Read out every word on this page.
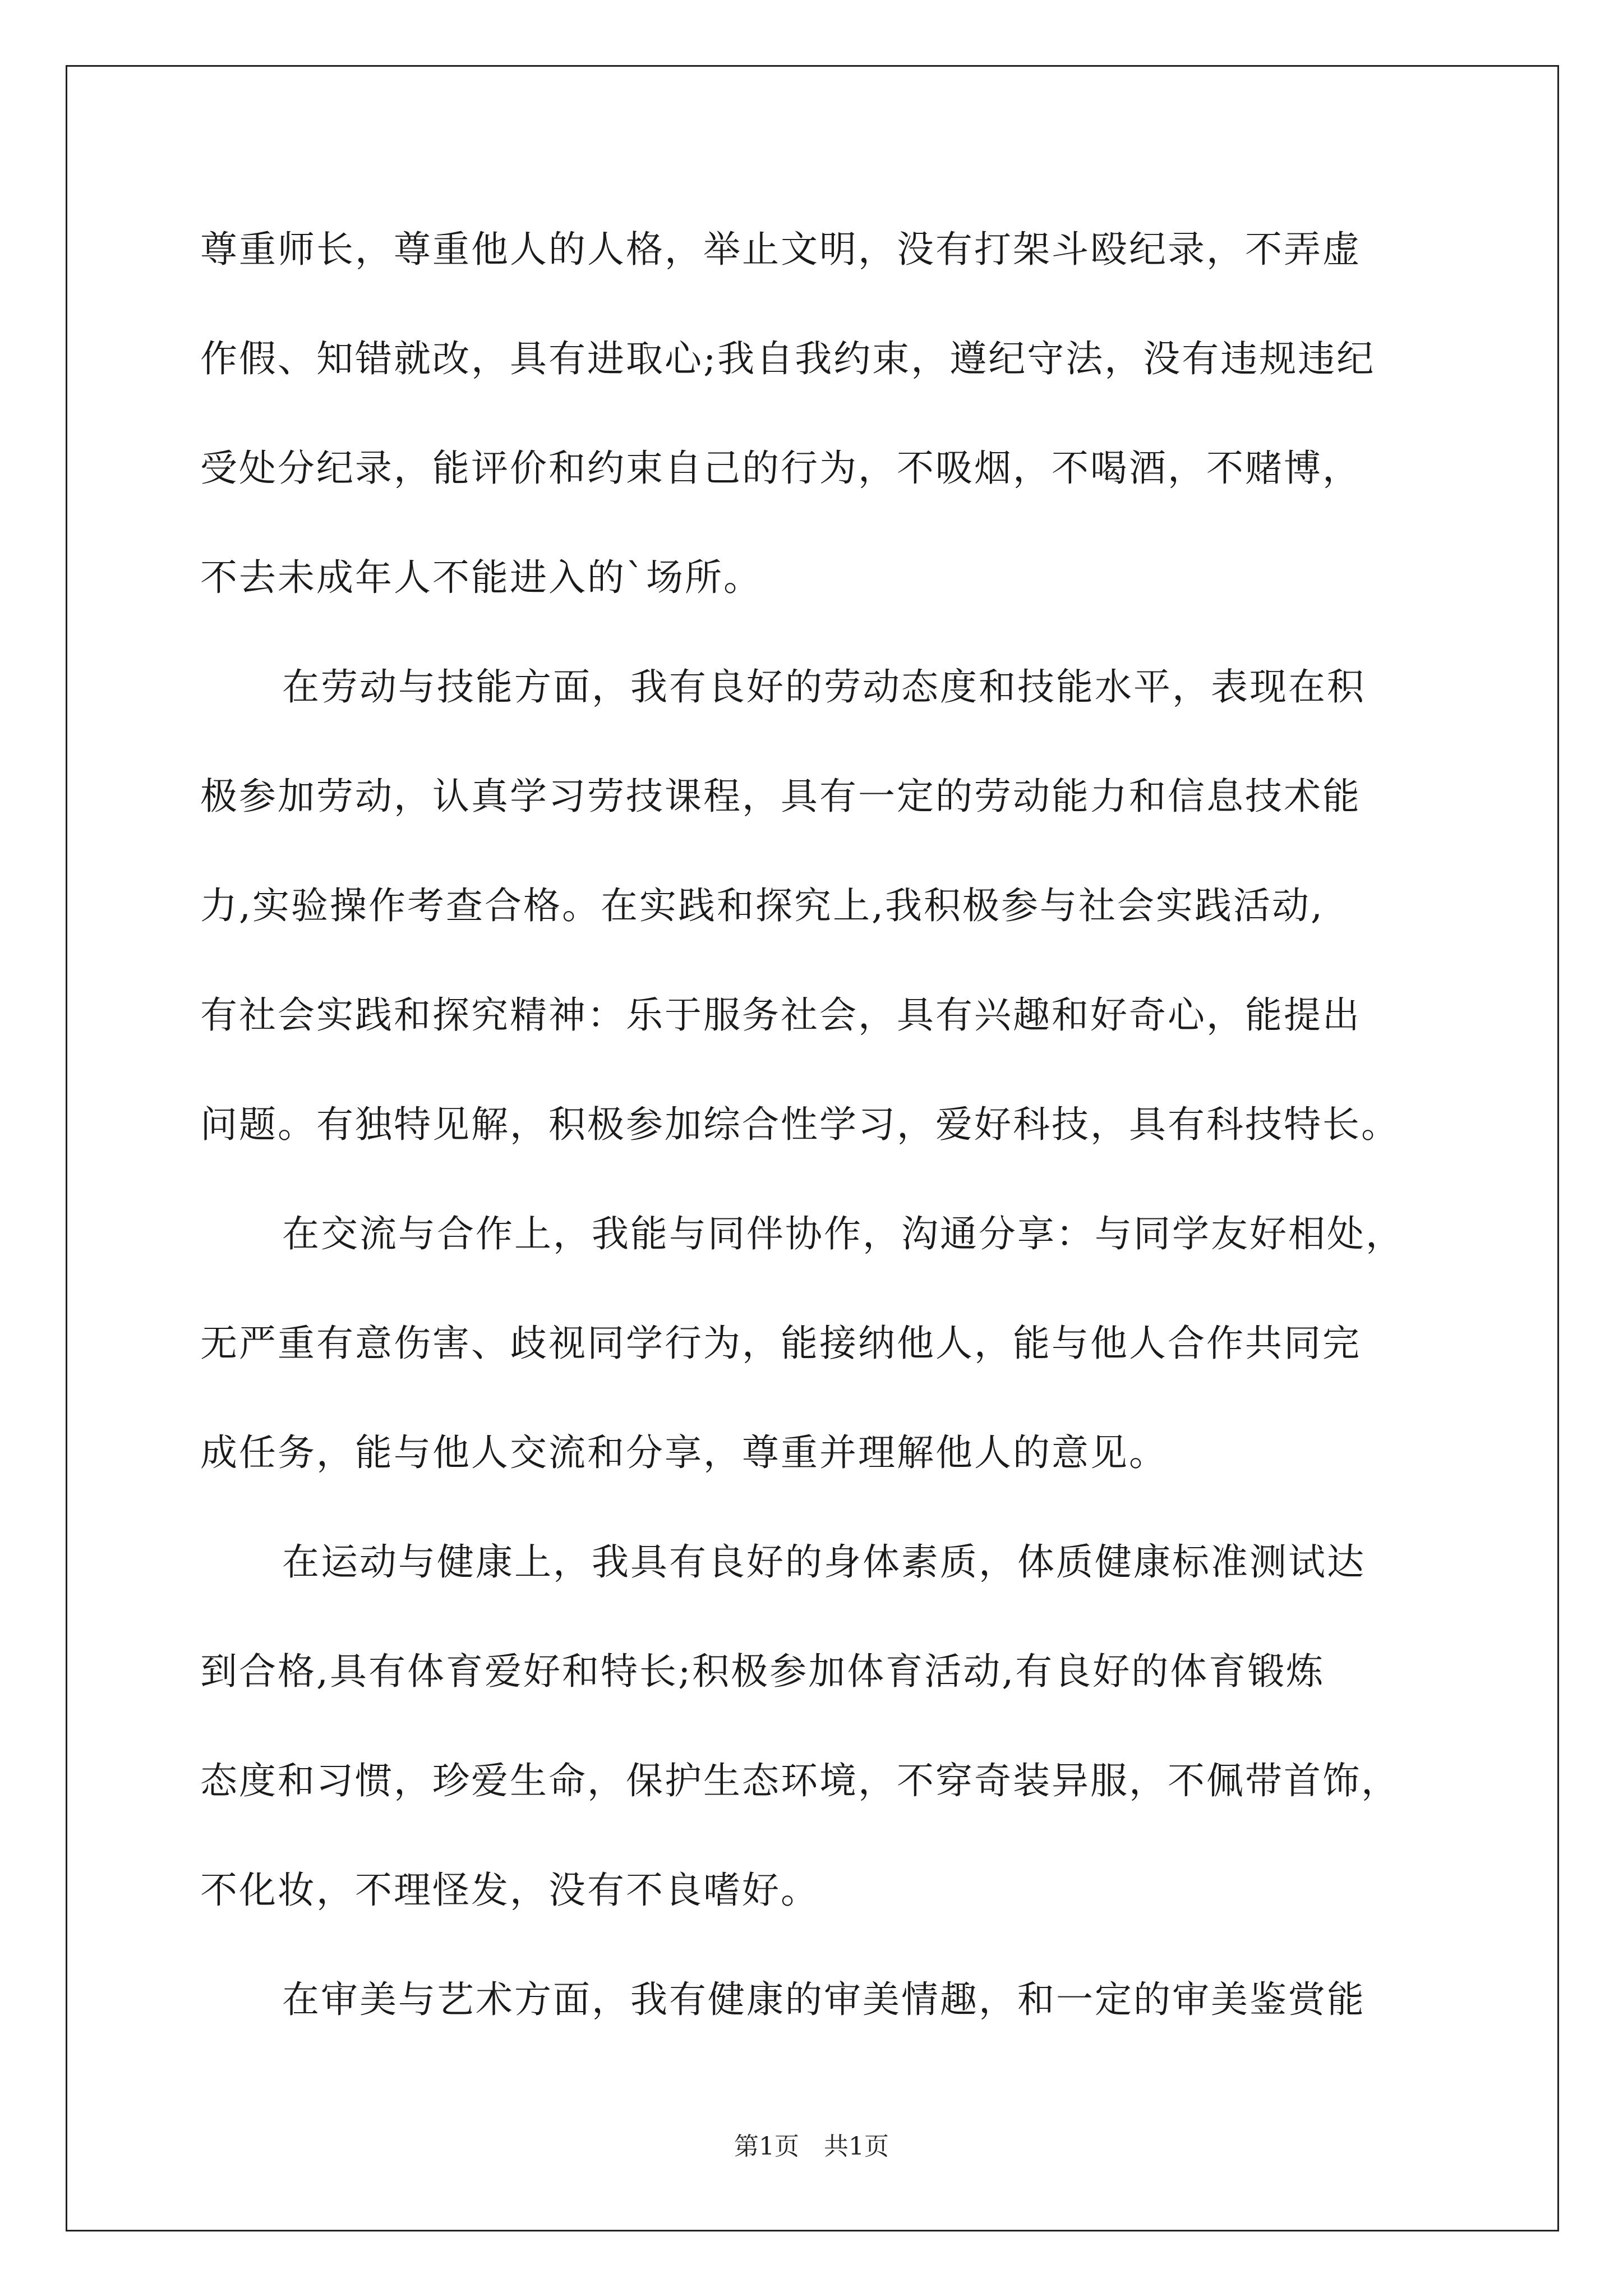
尊重师长，尊重他人的人格，举止文明，没有打架斗殴纪录，不弄虚
作假、知错就改，具有进取心;我自我约束，遵纪守法，没有违规违纪
受处分纪录，能评价和约束自己的行为，不吸烟，不喝酒，不赌博，
不去未成年人不能进入的`场所。
在劳动与技能方面，我有良好的劳动态度和技能水平，表现在积
极参加劳动，认真学习劳技课程，具有一定的劳动能力和信息技术能
力,实验操作考查合格。在实践和探究上,我积极参与社会实践活动,
有社会实践和探究精神：乐于服务社会，具有兴趣和好奇心，能提出
问题。有独特见解，积极参加综合性学习，爱好科技，具有科技特长。
在交流与合作上，我能与同伴协作，沟通分享：与同学友好相处，
无严重有意伤害、歧视同学行为，能接纳他人，能与他人合作共同完
成任务，能与他人交流和分享，尊重并理解他人的意见。
在运动与健康上，我具有良好的身体素质，体质健康标准测试达
到合格,具有体育爱好和特长;积极参加体育活动,有良好的体育锻炼
态度和习惯，珍爱生命，保护生态环境，不穿奇装异服，不佩带首饰，
不化妆，不理怪发，没有不良嗜好。
在审美与艺术方面，我有健康的审美情趣，和一定的审美鉴赏能
第1页　共1页
